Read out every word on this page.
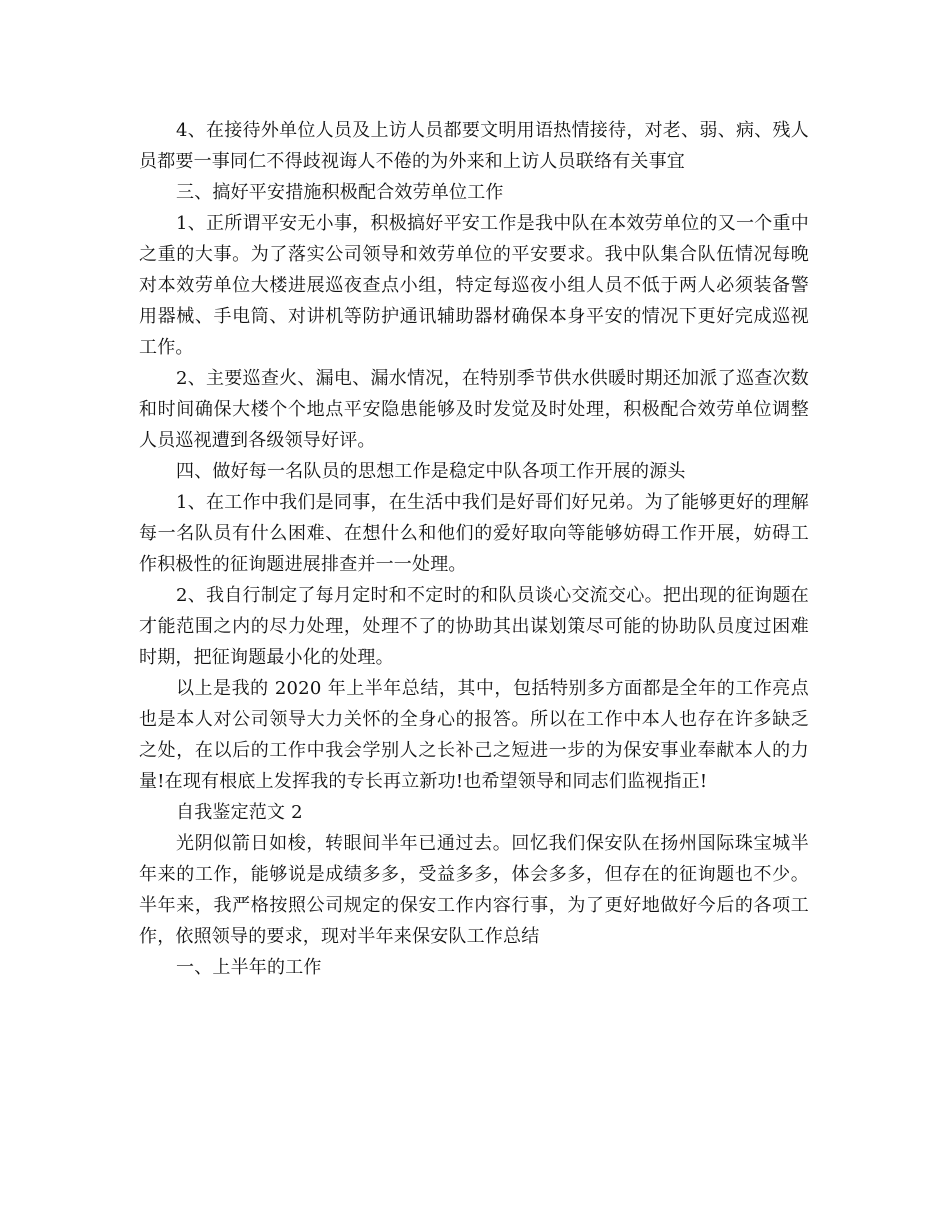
4、在接待外单位人员及上访人员都要文明用语热情接待，对老、弱、病、残人员都要一事同仁不得歧视诲人不倦的为外来和上访人员联络有关事宜

三、搞好平安措施积极配合效劳单位工作

1、正所谓平安无小事，积极搞好平安工作是我中队在本效劳单位的又一个重中之重的大事。为了落实公司领导和效劳单位的平安要求。我中队集合队伍情况每晚对本效劳单位大楼进展巡夜查点小组，特定每巡夜小组人员不低于两人必须装备警用器械、手电筒、对讲机等防护通讯辅助器材确保本身平安的情况下更好完成巡视工作。

2、主要巡查火、漏电、漏水情况，在特别季节供水供暖时期还加派了巡查次数和时间确保大楼个个地点平安隐患能够及时发觉及时处理，积极配合效劳单位调整人员巡视遭到各级领导好评。

四、做好每一名队员的思想工作是稳定中队各项工作开展的源头

1、在工作中我们是同事，在生活中我们是好哥们好兄弟。为了能够更好的理解每一名队员有什么困难、在想什么和他们的爱好取向等能够妨碍工作开展，妨碍工作积极性的征询题进展排查并一一处理。

2、我自行制定了每月定时和不定时的和队员谈心交流交心。把出现的征询题在才能范围之内的尽力处理，处理不了的协助其出谋划策尽可能的协助队员度过困难时期，把征询题最小化的处理。

以上是我的 2020 年上半年总结，其中，包括特别多方面都是全年的工作亮点也是本人对公司领导大力关怀的全身心的报答。所以在工作中本人也存在许多缺乏之处，在以后的工作中我会学别人之长补己之短进一步的为保安事业奉献本人的力量!在现有根底上发挥我的专长再立新功!也希望领导和同志们监视指正!

自我鉴定范文 2

光阴似箭日如梭，转眼间半年已通过去。回忆我们保安队在扬州国际珠宝城半年来的工作，能够说是成绩多多，受益多多，体会多多，但存在的征询题也不少。半年来，我严格按照公司规定的保安工作内容行事，为了更好地做好今后的各项工作，依照领导的要求，现对半年来保安队工作总结

一、上半年的工作
